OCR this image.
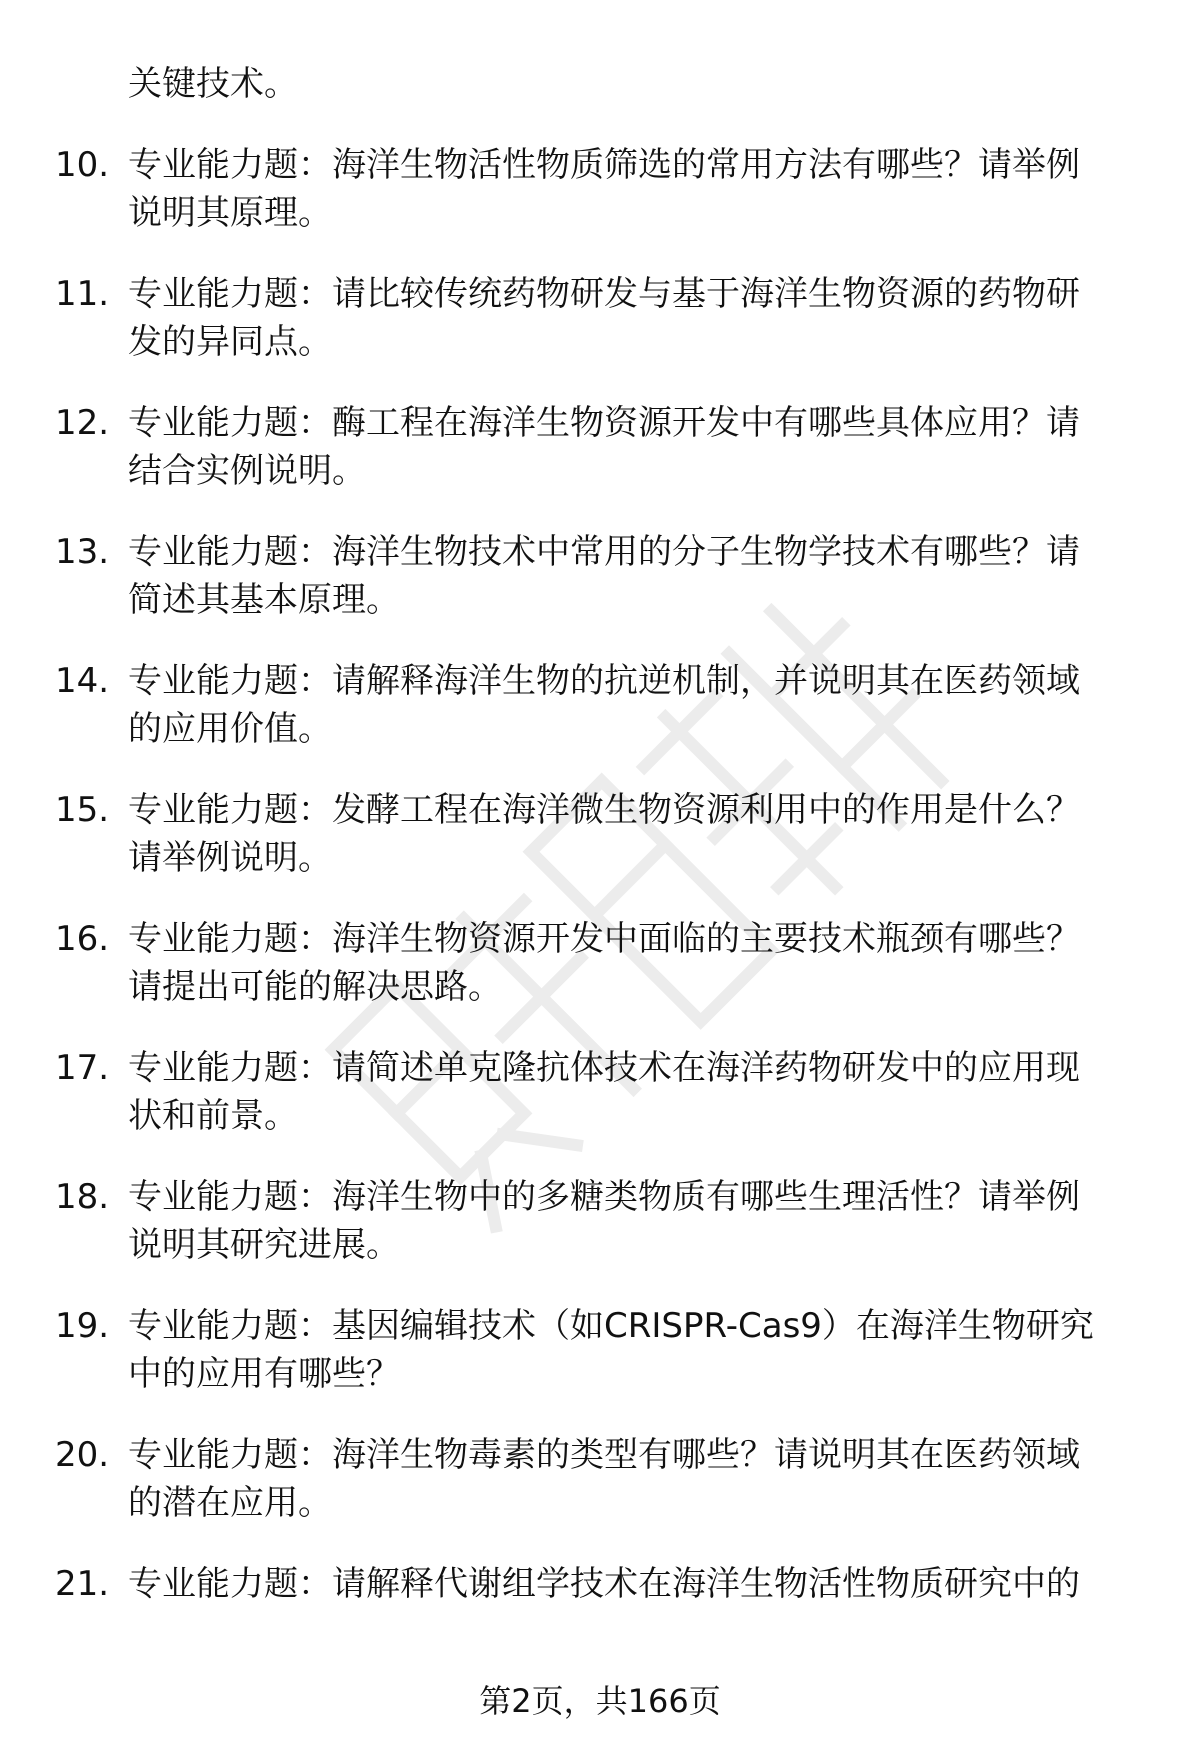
关键技术。
10. 专业能力题：海洋生物活性物质筛选的常用方法有哪些？请举例
说明其原理。
11. 专业能力题：请比较传统药物研发与基于海洋生物资源的药物研
发的异同点。
12. 专业能力题：酶工程在海洋生物资源开发中有哪些具体应用？请
结合实例说明。
13. 专业能力题：海洋生物技术中常用的分子生物学技术有哪些？请
简述其基本原理。
14. 专业能力题：请解释海洋生物的抗逆机制，并说明其在医药领域
的应用价值。
15. 专业能力题：发酵工程在海洋微生物资源利用中的作用是什么？
请举例说明。
16. 专业能力题：海洋生物资源开发中面临的主要技术瓶颈有哪些？
请提出可能的解决思路。
17. 专业能力题：请简述单克隆抗体技术在海洋药物研发中的应用现
状和前景。
18. 专业能力题：海洋生物中的多糖类物质有哪些生理活性？请举例
说明其研究进展。
19. 专业能力题：基因编辑技术（如CRISPR-Cas9）在海洋生物研究
中的应用有哪些？
20. 专业能力题：海洋生物毒素的类型有哪些？请说明其在医药领域
的潜在应用。
21. 专业能力题：请解释代谢组学技术在海洋生物活性物质研究中的
第2页，共166页
